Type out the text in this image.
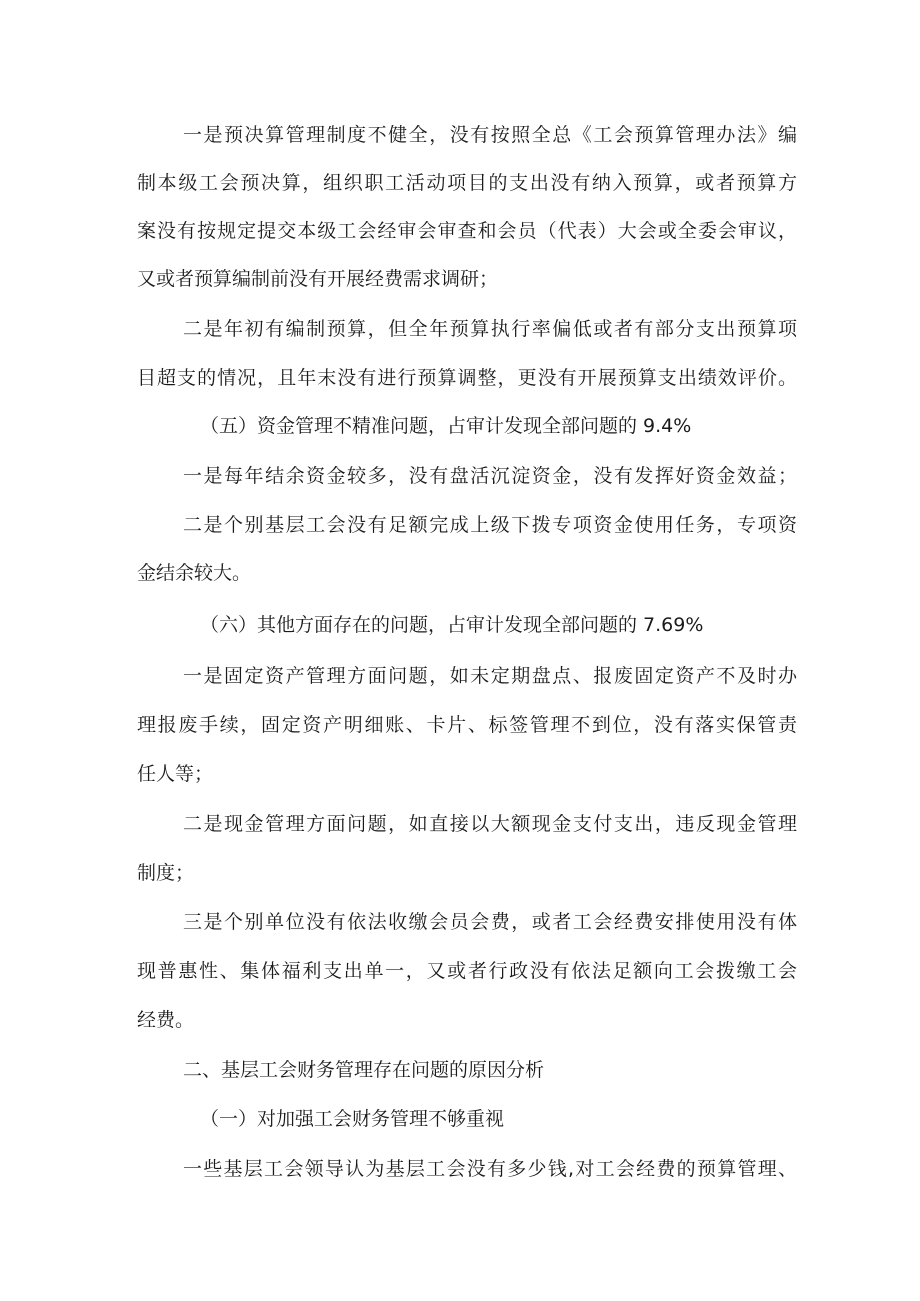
一是预决算管理制度不健全，没有按照全总《工会预算管理办法》编
制本级工会预决算，组织职工活动项目的支出没有纳入预算，或者预算方
案没有按规定提交本级工会经审会审查和会员（代表）大会或全委会审议，
又或者预算编制前没有开展经费需求调研；
二是年初有编制预算，但全年预算执行率偏低或者有部分支出预算项
目超支的情况，且年末没有进行预算调整，更没有开展预算支出绩效评价。
（五）资金管理不精准问题，占审计发现全部问题的 9.4%
一是每年结余资金较多，没有盘活沉淀资金，没有发挥好资金效益；
二是个别基层工会没有足额完成上级下拨专项资金使用任务，专项资
金结余较大。
（六）其他方面存在的问题，占审计发现全部问题的 7.69%
一是固定资产管理方面问题，如未定期盘点、报废固定资产不及时办
理报废手续，固定资产明细账、卡片、标签管理不到位，没有落实保管责
任人等；
二是现金管理方面问题，如直接以大额现金支付支出，违反现金管理
制度；
三是个别单位没有依法收缴会员会费，或者工会经费安排使用没有体
现普惠性、集体福利支出单一，又或者行政没有依法足额向工会拨缴工会
经费。
二、基层工会财务管理存在问题的原因分析
（一）对加强工会财务管理不够重视
一些基层工会领导认为基层工会没有多少钱,对工会经费的预算管理、
